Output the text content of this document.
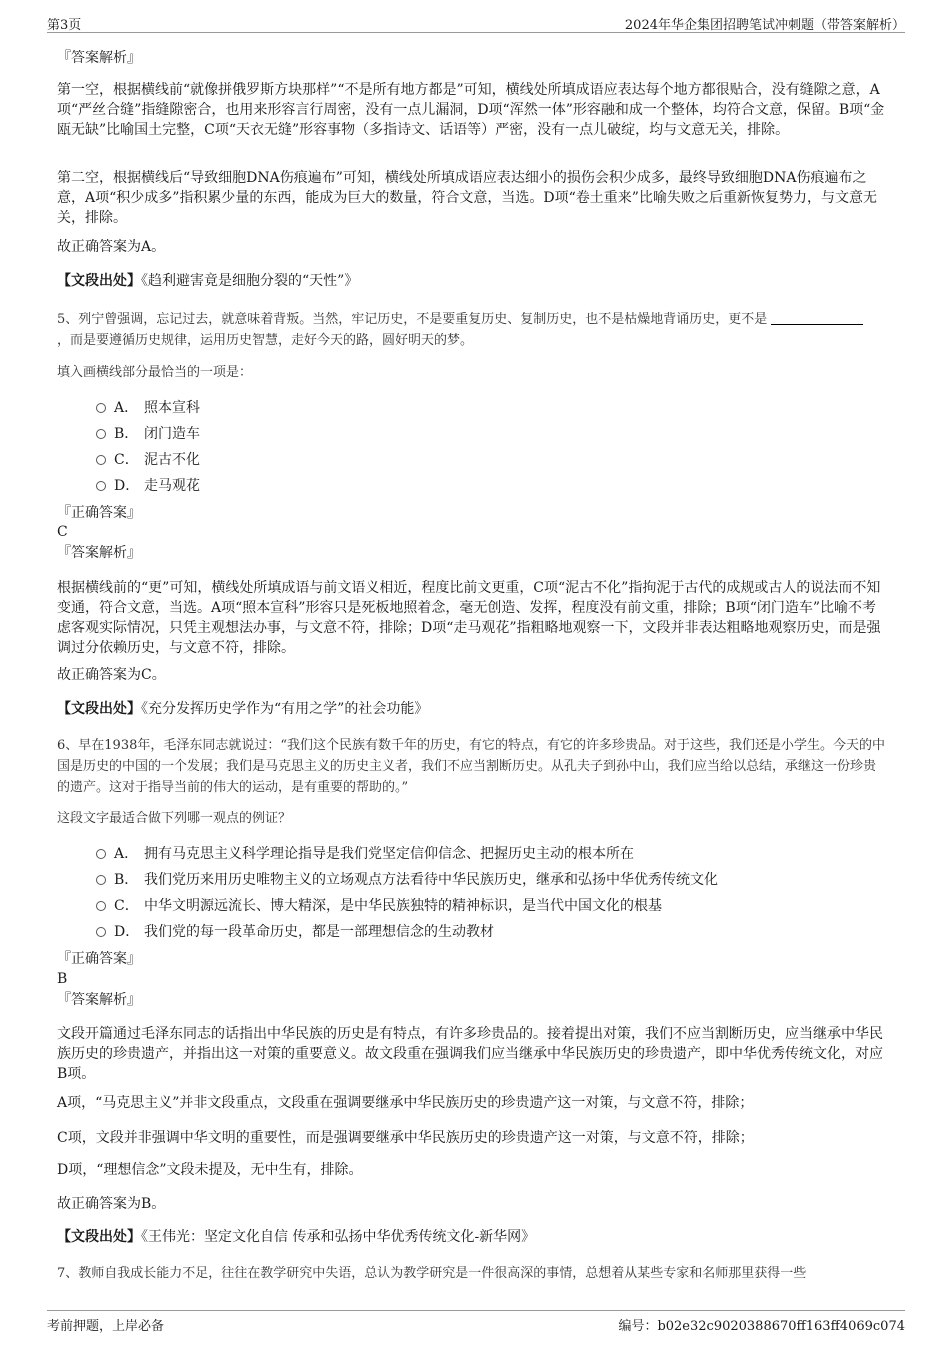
第3页	2024年华企集团招聘笔试冲刺题（带答案解析）
『答案解析』
第一空，根据横线前“就像拼俄罗斯方块那样”“不是所有地方都是”可知，横线处所填成语应表达每个地方都很贴合，没有缝隙之意，A项“严丝合缝”指缝隙密合，也用来形容言行周密，没有一点儿漏洞，D项“浑然一体”形容融和成一个整体，均符合文意，保留。B项“金瓯无缺”比喻国土完整，C项“天衣无缝”形容事物（多指诗文、话语等）严密，没有一点儿破绽，均与文意无关，排除。
第二空，根据横线后“导致细胞DNA伤痕遍布”可知，横线处所填成语应表达细小的损伤会积少成多，最终导致细胞DNA伤痕遍布之意，A项“积少成多”指积累少量的东西，能成为巨大的数量，符合文意，当选。D项“卷土重来”比喻失败之后重新恢复势力，与文意无关，排除。
故正确答案为A。
【文段出处】《趋利避害竟是细胞分裂的“天性”》
5、列宁曾强调，忘记过去，就意味着背叛。当然，牢记历史，不是要重复历史、复制历史，也不是枯燥地背诵历史，更不是
，而是要遵循历史规律，运用历史智慧，走好今天的路，圆好明天的梦。
填入画横线部分最恰当的一项是：
A． 照本宣科
B． 闭门造车
C． 泥古不化
D． 走马观花
『正确答案』
C
『答案解析』
根据横线前的“更”可知，横线处所填成语与前文语义相近，程度比前文更重，C项“泥古不化”指拘泥于古代的成规或古人的说法而不知变通，符合文意，当选。A项“照本宣科”形容只是死板地照着念，毫无创造、发挥，程度没有前文重，排除；B项“闭门造车”比喻不考虑客观实际情况，只凭主观想法办事，与文意不符，排除；D项“走马观花”指粗略地观察一下，文段并非表达粗略地观察历史，而是强调过分依赖历史，与文意不符，排除。
故正确答案为C。
【文段出处】《充分发挥历史学作为“有用之学”的社会功能》
6、早在1938年，毛泽东同志就说过：“我们这个民族有数千年的历史，有它的特点，有它的许多珍贵品。对于这些，我们还是小学生。今天的中国是历史的中国的一个发展；我们是马克思主义的历史主义者，我们不应当割断历史。从孔夫子到孙中山，我们应当给以总结，承继这一份珍贵的遗产。这对于指导当前的伟大的运动，是有重要的帮助的。”
这段文字最适合做下列哪一观点的例证？
A． 拥有马克思主义科学理论指导是我们党坚定信仰信念、把握历史主动的根本所在
B． 我们党历来用历史唯物主义的立场观点方法看待中华民族历史，继承和弘扬中华优秀传统文化
C． 中华文明源远流长、博大精深，是中华民族独特的精神标识，是当代中国文化的根基
D． 我们党的每一段革命历史，都是一部理想信念的生动教材
『正确答案』
B
『答案解析』
文段开篇通过毛泽东同志的话指出中华民族的历史是有特点，有许多珍贵品的。接着提出对策，我们不应当割断历史，应当继承中华民族历史的珍贵遗产，并指出这一对策的重要意义。故文段重在强调我们应当继承中华民族历史的珍贵遗产，即中华优秀传统文化，对应B项。
A项，“马克思主义”并非文段重点，文段重在强调要继承中华民族历史的珍贵遗产这一对策，与文意不符，排除；
C项，文段并非强调中华文明的重要性，而是强调要继承中华民族历史的珍贵遗产这一对策，与文意不符，排除；
D项，“理想信念”文段未提及，无中生有，排除。
故正确答案为B。
【文段出处】《王伟光：坚定文化自信 传承和弘扬中华优秀传统文化-新华网》
7、教师自我成长能力不足，往往在教学研究中失语，总认为教学研究是一件很高深的事情，总想着从某些专家和名师那里获得一些
考前押题，上岸必备	编号：b02e32c9020388670ff163ff4069c074
